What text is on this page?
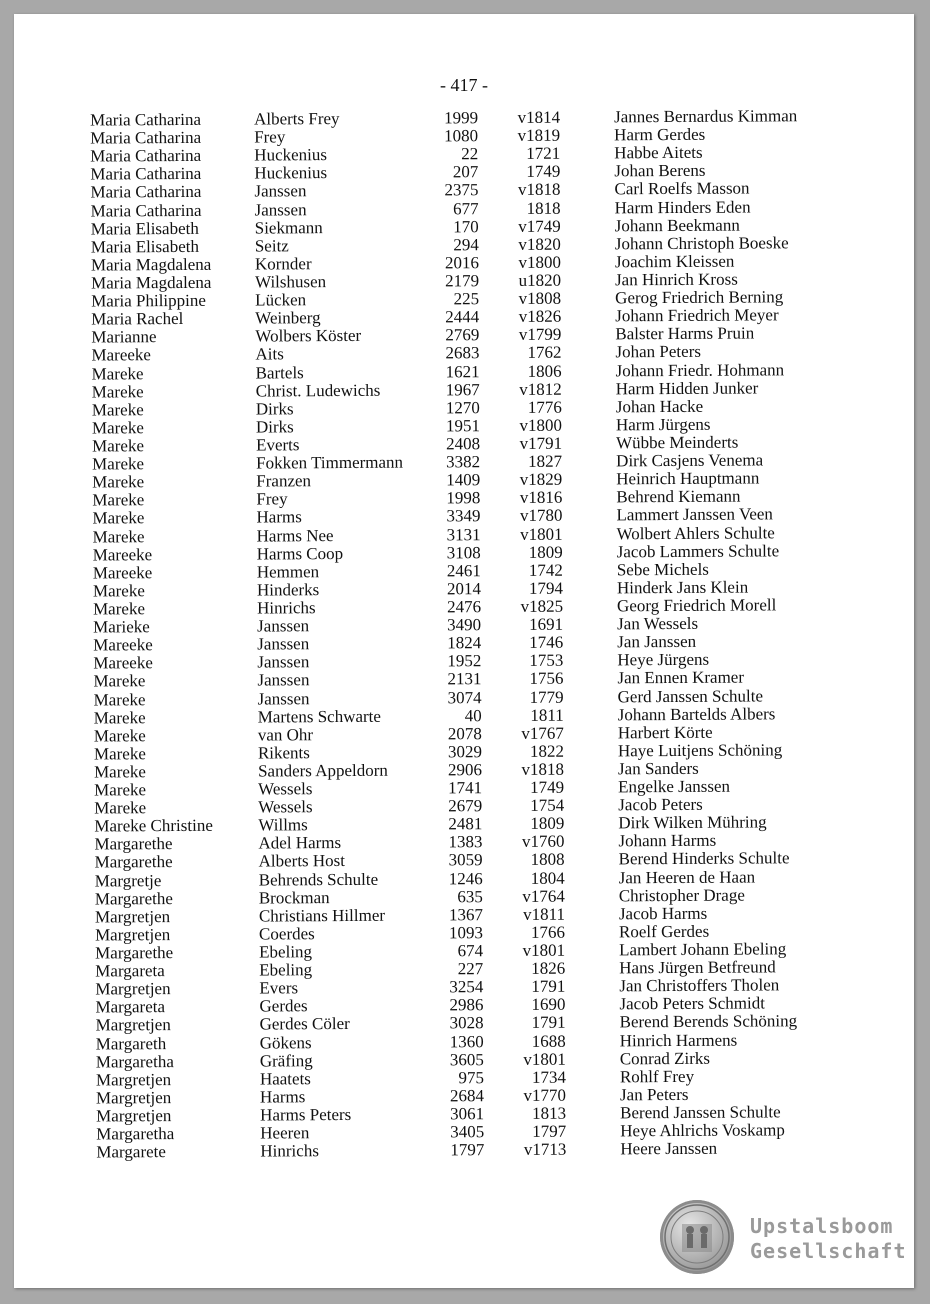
- 417 -
Maria Catharina	Alberts Frey	1999	v1814	Jannes Bernardus Kimman
Maria Catharina	Frey	1080	v1819	Harm Gerdes
Maria Catharina	Huckenius	22	1721	Habbe Aitets
Maria Catharina	Huckenius	207	1749	Johan Berens
Maria Catharina	Janssen	2375	v1818	Carl Roelfs Masson
Maria Catharina	Janssen	677	1818	Harm Hinders Eden
Maria Elisabeth	Siekmann	170	v1749	Johann Beekmann
Maria Elisabeth	Seitz	294	v1820	Johann Christoph Boeske
Maria Magdalena	Kornder	2016	v1800	Joachim Kleissen
Maria Magdalena	Wilshusen	2179	u1820	Jan Hinrich Kross
Maria Philippine	Lücken	225	v1808	Gerog Friedrich Berning
Maria Rachel	Weinberg	2444	v1826	Johann Friedrich Meyer
Marianne	Wolbers Köster	2769	v1799	Balster Harms Pruin
Mareeke	Aits	2683	1762	Johan Peters
Mareke	Bartels	1621	1806	Johann Friedr. Hohmann
Mareke	Christ. Ludewichs	1967	v1812	Harm Hidden Junker
Mareke	Dirks	1270	1776	Johan Hacke
Mareke	Dirks	1951	v1800	Harm Jürgens
Mareke	Everts	2408	v1791	Wübbe Meinderts
Mareke	Fokken Timmermann	3382	1827	Dirk Casjens Venema
Mareke	Franzen	1409	v1829	Heinrich Hauptmann
Mareke	Frey	1998	v1816	Behrend Kiemann
Mareke	Harms	3349	v1780	Lammert Janssen Veen
Mareke	Harms Nee	3131	v1801	Wolbert Ahlers Schulte
Mareeke	Harms Coop	3108	1809	Jacob Lammers Schulte
Mareeke	Hemmen	2461	1742	Sebe Michels
Mareke	Hinderks	2014	1794	Hinderk Jans Klein
Mareke	Hinrichs	2476	v1825	Georg Friedrich Morell
Marieke	Janssen	3490	1691	Jan Wessels
Mareeke	Janssen	1824	1746	Jan Janssen
Mareeke	Janssen	1952	1753	Heye Jürgens
Mareke	Janssen	2131	1756	Jan Ennen Kramer
Mareke	Janssen	3074	1779	Gerd Janssen Schulte
Mareke	Martens Schwarte	40	1811	Johann Bartelds Albers
Mareke	van Ohr	2078	v1767	Harbert Körte
Mareke	Rikents	3029	1822	Haye Luitjens Schöning
Mareke	Sanders Appeldorn	2906	v1818	Jan Sanders
Mareke	Wessels	1741	1749	Engelke Janssen
Mareke	Wessels	2679	1754	Jacob Peters
Mareke Christine	Willms	2481	1809	Dirk Wilken Mühring
Margarethe	Adel Harms	1383	v1760	Johann Harms
Margarethe	Alberts Host	3059	1808	Berend Hinderks Schulte
Margretje	Behrends Schulte	1246	1804	Jan Heeren de Haan
Margarethe	Brockman	635	v1764	Christopher Drage
Margretjen	Christians Hillmer	1367	v1811	Jacob Harms
Margretjen	Coerdes	1093	1766	Roelf Gerdes
Margarethe	Ebeling	674	v1801	Lambert Johann Ebeling
Margareta	Ebeling	227	1826	Hans Jürgen Betfreund
Margretjen	Evers	3254	1791	Jan Christoffers Tholen
Margareta	Gerdes	2986	1690	Jacob Peters Schmidt
Margretjen	Gerdes Cöler	3028	1791	Berend Berends Schöning
Margareth	Gökens	1360	1688	Hinrich Harmens
Margaretha	Gräfing	3605	v1801	Conrad Zirks
Margretjen	Haatets	975	1734	Rohlf Frey
Margretjen	Harms	2684	v1770	Jan Peters
Margretjen	Harms Peters	3061	1813	Berend Janssen Schulte
Margaretha	Heeren	3405	1797	Heye Ahlrichs Voskamp
Margarete	Hinrichs	1797	v1713	Heere Janssen
Upstalsboom
Gesellschaft
